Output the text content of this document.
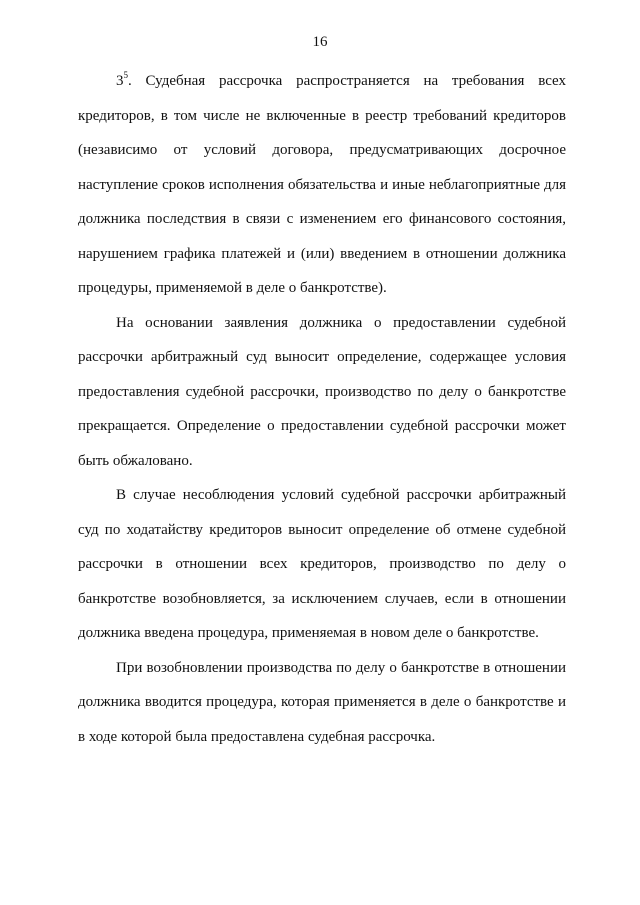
16

$3^5$. Судебная рассрочка распространяется на требования всех кредиторов, в том числе не включенные в реестр требований кредиторов (независимо от условий договора, предусматривающих досрочное наступление сроков исполнения обязательства и иные неблагоприятные для должника последствия в связи с изменением его финансового состояния, нарушением графика платежей и (или) введением в отношении должника процедуры, применяемой в деле о банкротстве).

На основании заявления должника о предоставлении судебной рассрочки арбитражный суд выносит определение, содержащее условия предоставления судебной рассрочки, производство по делу о банкротстве прекращается. Определение о предоставлении судебной рассрочки может быть обжаловано.

В случае несоблюдения условий судебной рассрочки арбитражный суд по ходатайству кредиторов выносит определение об отмене судебной рассрочки в отношении всех кредиторов, производство по делу о банкротстве возобновляется, за исключением случаев, если в отношении должника введена процедура, применяемая в новом деле о банкротстве.

При возобновлении производства по делу о банкротстве в отношении должника вводится процедура, которая применяется в деле о банкротстве и в ходе которой была предоставлена судебная рассрочка.
